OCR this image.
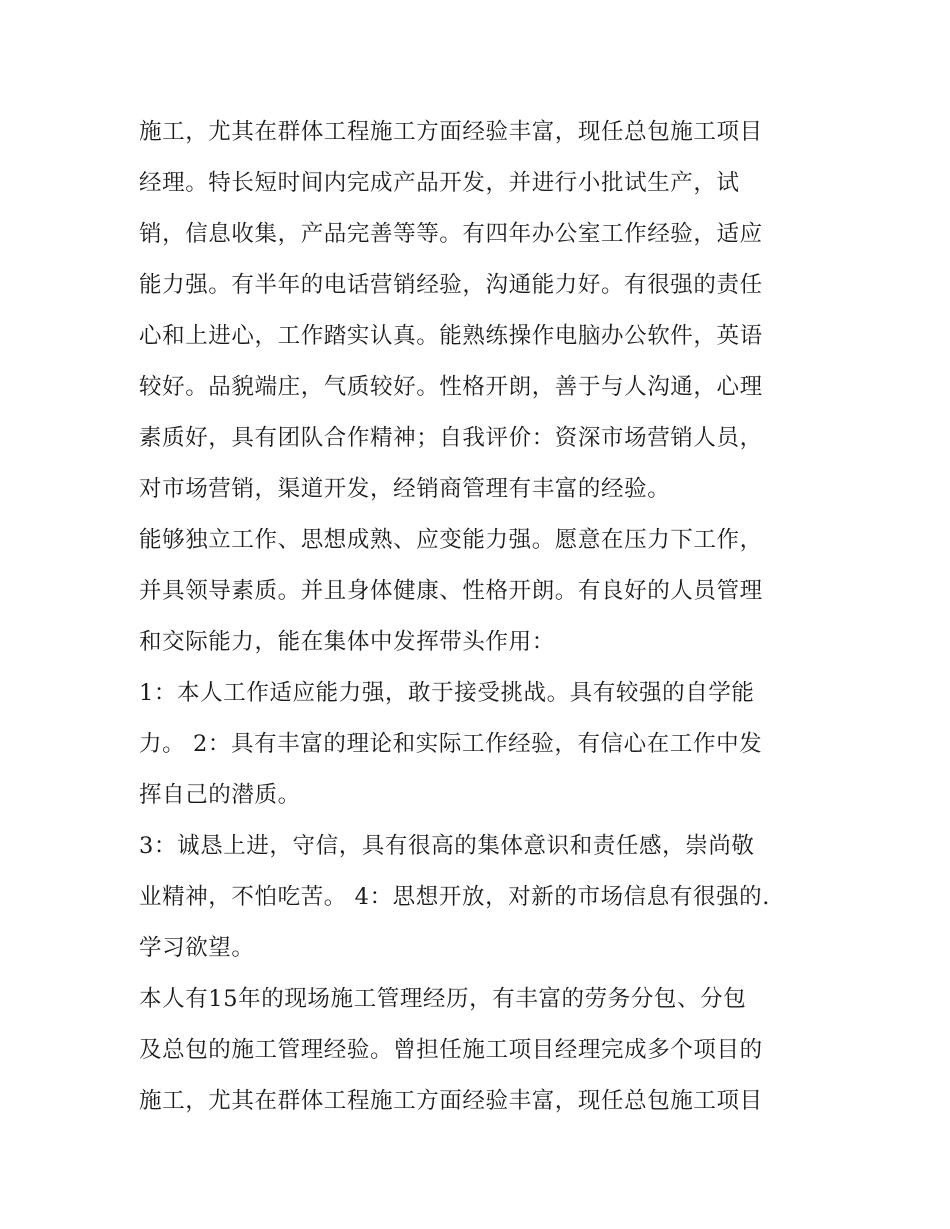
施工，尤其在群体工程施工方面经验丰富，现任总包施工项目
经理。特长短时间内完成产品开发，并进行小批试生产，试
销，信息收集，产品完善等等。有四年办公室工作经验，适应
能力强。有半年的电话营销经验，沟通能力好。有很强的责任
心和上进心，工作踏实认真。能熟练操作电脑办公软件，英语
较好。品貌端庄，气质较好。性格开朗，善于与人沟通，心理
素质好，具有团队合作精神；自我评价：资深市场营销人员，
对市场营销，渠道开发，经销商管理有丰富的经验。
能够独立工作、思想成熟、应变能力强。愿意在压力下工作，
并具领导素质。并且身体健康、性格开朗。有良好的人员管理
和交际能力，能在集体中发挥带头作用：
1：本人工作适应能力强，敢于接受挑战。具有较强的自学能
力。 2：具有丰富的理论和实际工作经验，有信心在工作中发
挥自己的潜质。
3：诚恳上进，守信，具有很高的集体意识和责任感，崇尚敬
业精神，不怕吃苦。 4：思想开放，对新的市场信息有很强的.
学习欲望。
本人有15年的现场施工管理经历，有丰富的劳务分包、分包
及总包的施工管理经验。曾担任施工项目经理完成多个项目的
施工，尤其在群体工程施工方面经验丰富，现任总包施工项目
